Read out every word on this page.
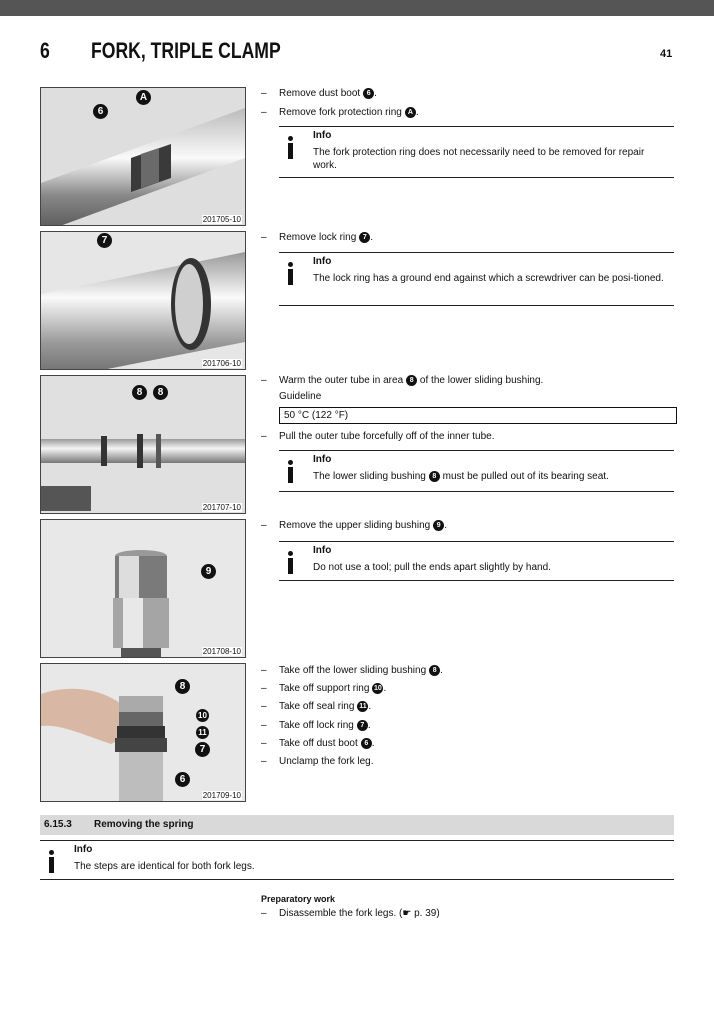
6 FORK, TRIPLE CLAMP	41
201705-10
6
A
201706-10
7
201707-10
8	8
201708-10
9
201709-10
8
10
11
7
6
– Remove dust boot 6 .
– Remove fork protection ring A .
Info
The fork protection ring does not necessarily need to be removed for repair work.
– Remove lock ring 7 .
Info
The lock ring has a ground end against which a screwdriver can be posi-tioned.
– Warm the outer tube in area 8 of the lower sliding bushing.
Guideline
50 °C (122 °F)
– Pull the outer tube forcefully off of the inner tube.
Info
The lower sliding bushing 8 must be pulled out of its bearing seat.
– Remove the upper sliding bushing 9 .
Info
Do not use a tool; pull the ends apart slightly by hand.
– Take off the lower sliding bushing 8 .
– Take off support ring 10 .
– Take off seal ring 11 .
– Take off lock ring 7 .
– Take off dust boot 6 .
– Unclamp the fork leg.
6.15.3 Removing the spring
Info
The steps are identical for both fork legs.
Preparatory work
– Disassemble the fork legs. (☛ p. 39)
